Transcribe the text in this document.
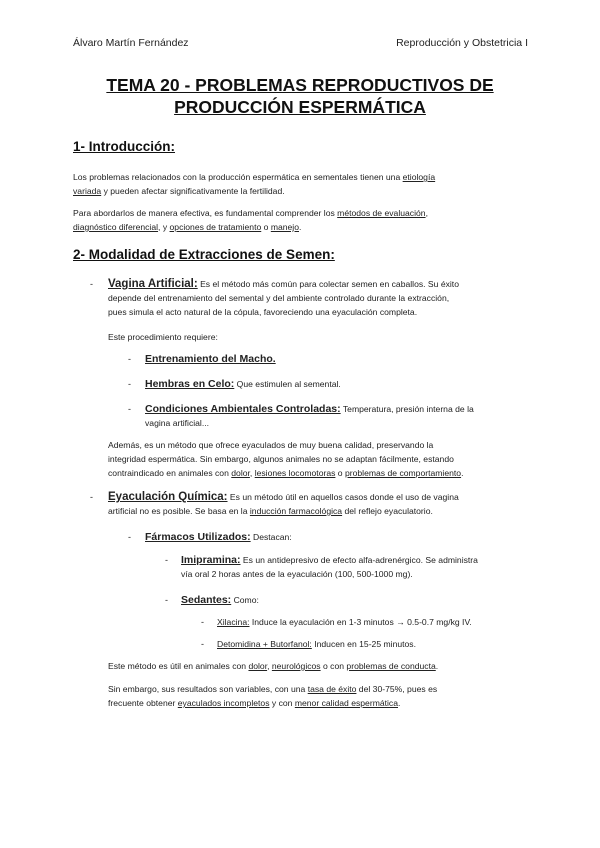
Álvaro Martín Fernández	Reproducción y Obstetricia I
TEMA 20 - PROBLEMAS REPRODUCTIVOS DE
PRODUCCIÓN ESPERMÁTICA
1- Introducción:
Los problemas relacionados con la producción espermática en sementales tienen una etiología
variada y pueden afectar significativamente la fertilidad.
Para abordarlos de manera efectiva, es fundamental comprender los métodos de evaluación,
diagnóstico diferencial, y opciones de tratamiento o manejo.
2- Modalidad de Extracciones de Semen:
- Vagina Artificial: Es el método más común para colectar semen en caballos. Su éxito
depende del entrenamiento del semental y del ambiente controlado durante la extracción,
pues simula el acto natural de la cópula, favoreciendo una eyaculación completa.
Este procedimiento requiere:
- Entrenamiento del Macho.
- Hembras en Celo: Que estimulen al semental.
- Condiciones Ambientales Controladas: Temperatura, presión interna de la
vagina artificial...
Además, es un método que ofrece eyaculados de muy buena calidad, preservando la
integridad espermática. Sin embargo, algunos animales no se adaptan fácilmente, estando
contraindicado en animales con dolor, lesiones locomotoras o problemas de comportamiento.
- Eyaculación Química: Es un método útil en aquellos casos donde el uso de vagina
artificial no es posible. Se basa en la inducción farmacológica del reflejo eyaculatorio.
- Fármacos Utilizados: Destacan:
- Imipramina: Es un antidepresivo de efecto alfa-adrenérgico. Se administra
vía oral 2 horas antes de la eyaculación (100, 500-1000 mg).
- Sedantes: Como:
- Xilacina: Induce la eyaculación en 1-3 minutos → 0.5-0.7 mg/kg IV.
- Detomidina + Butorfanol: Inducen en 15-25 minutos.
Este método es útil en animales con dolor, neurológicos o con problemas de conducta.
Sin embargo, sus resultados son variables, con una tasa de éxito del 30-75%, pues es
frecuente obtener eyaculados incompletos y con menor calidad espermática.
